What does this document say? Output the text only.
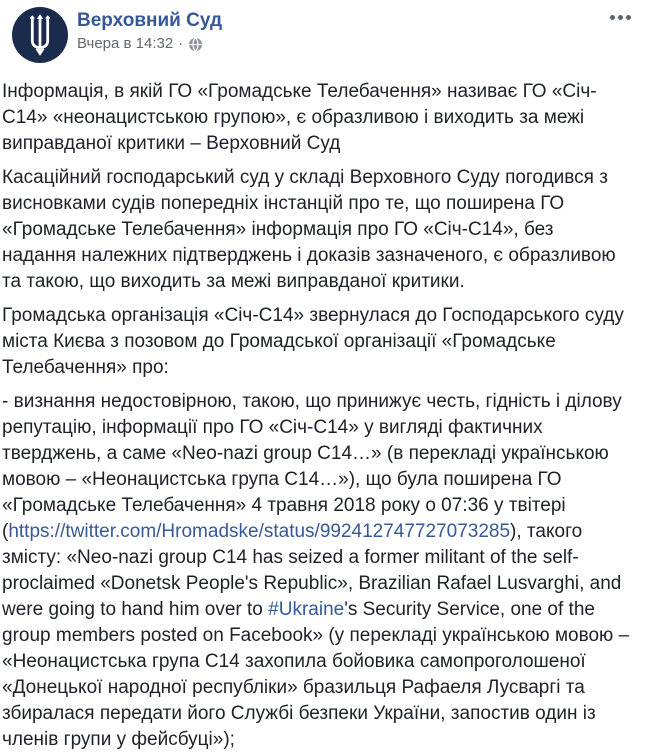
Верховний Суд
Вчера в 14:32 ·

Інформація, в якій ГО «Громадське Телебачення» називає ГО «Січ-С14» «неонацистською групою», є образливою і виходить за межі виправданої критики – Верховний Суд

Касаційний господарський суд у складі Верховного Суду погодився з висновками судів попередніх інстанцій про те, що поширена ГО «Громадське Телебачення» інформація про ГО «Січ-С14», без надання належних підтверджень і доказів зазначеного, є образливою та такою, що виходить за межі виправданої критики.

Громадська організація «Січ-С14» звернулася до Господарського суду міста Києва з позовом до Громадської організації «Громадське Телебачення» про:

- визнання недостовірною, такою, що принижує честь, гідність і ділову репутацію, інформації про ГО «Січ-С14» у вигляді фактичних тверджень, а саме «Neo-nazi group C14…» (в перекладі українською мовою – «Неонацистська група С14…»), що була поширена ГО «Громадське Телебачення» 4 травня 2018 року о 07:36 у твітері (https://twitter.com/Hromadske/status/992412747727073285), такого змісту: «Neo-nazi group C14 has seized a former militant of the self-proclaimed «Donetsk People's Republic», Brazilian Rafael Lusvarghi, and were going to hand him over to #Ukraine's Security Service, one of the group members posted on Facebook» (у перекладі українською мовою – «Неонацистська група С14 захопила бойовика самопроголошеної «Донецької народної республіки» бразильця Рафаеля Лусваргі та збиралася передати його Службі безпеки України, запостив один із членів групи у фейсбуці»);
